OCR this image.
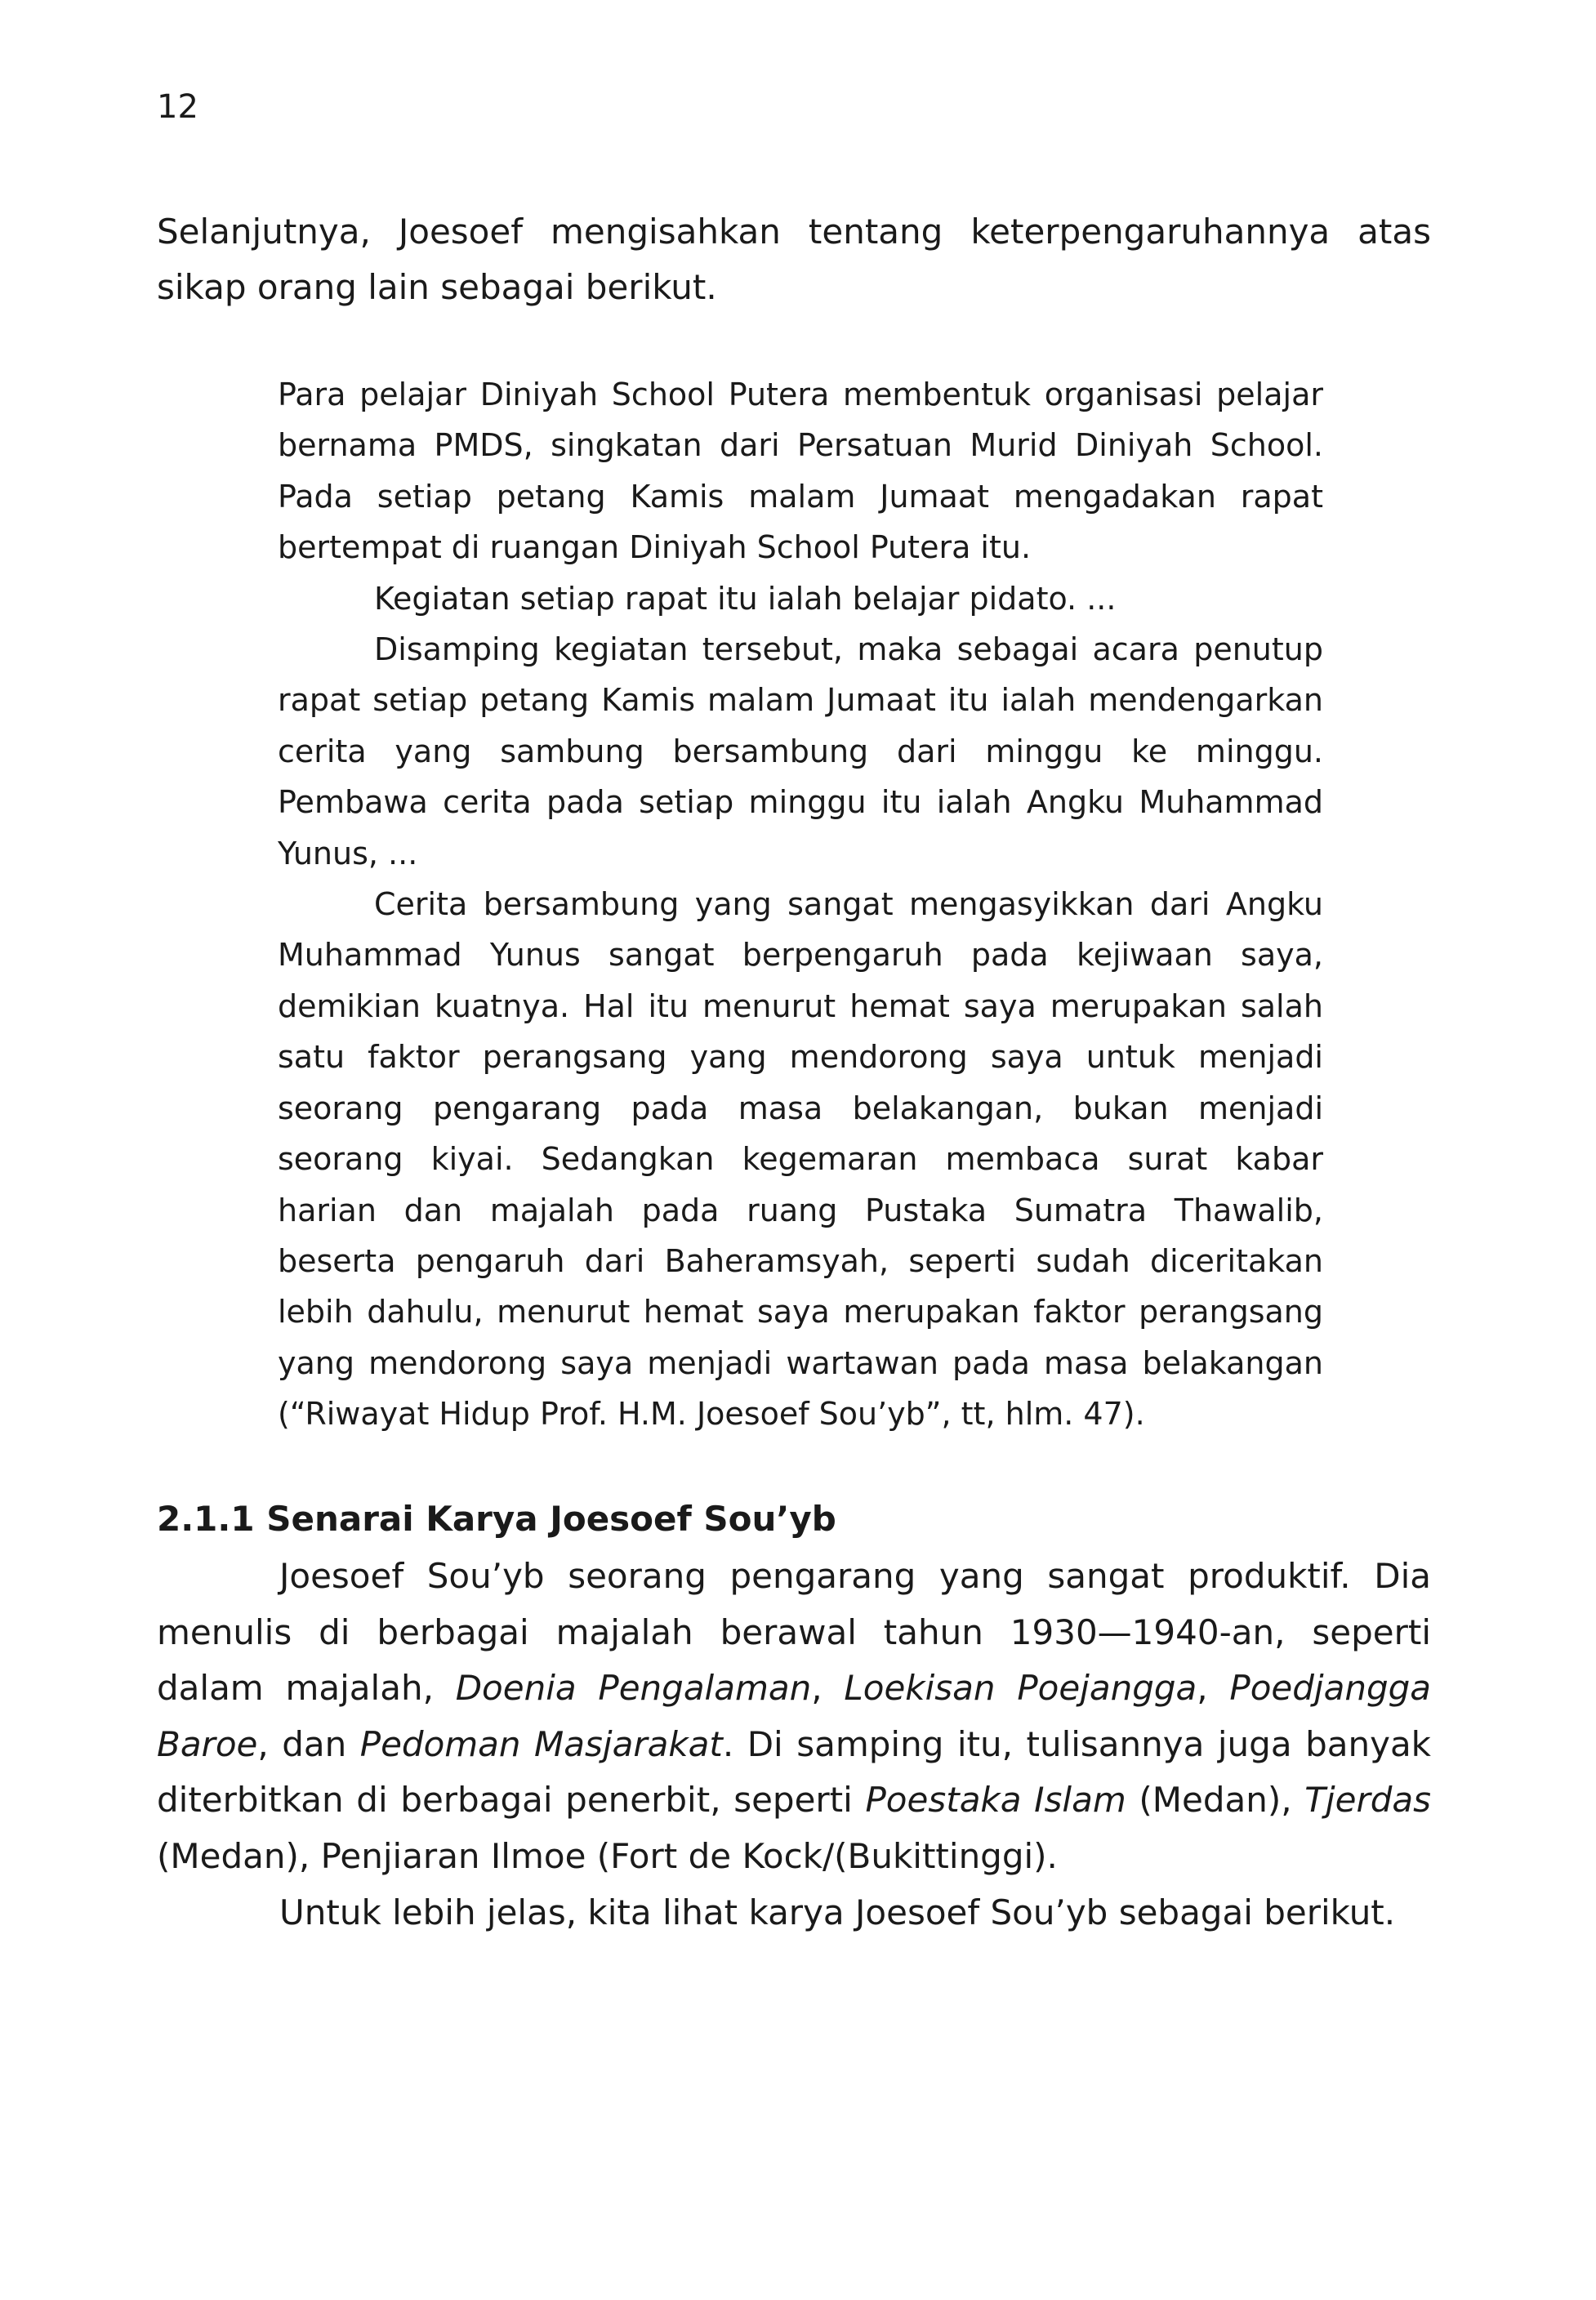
12

Selanjutnya, Joesoef mengisahkan tentang keterpengaruhannya atas sikap orang lain sebagai berikut.

Para pelajar Diniyah School Putera membentuk organisasi pelajar bernama PMDS, singkatan dari Persatuan Murid Diniyah School. Pada setiap petang Kamis malam Jumaat mengadakan rapat bertempat di ruangan Diniyah School Putera itu.

Kegiatan setiap rapat itu ialah belajar pidato. ...

Disamping kegiatan tersebut, maka sebagai acara penutup rapat setiap petang Kamis malam Jumaat itu ialah mendengarkan cerita yang sambung bersambung dari minggu ke minggu. Pembawa cerita pada setiap minggu itu ialah Angku Muhammad Yunus, ...

Cerita bersambung yang sangat mengasyikkan dari Angku Muhammad Yunus sangat berpengaruh pada kejiwaan saya, demikian kuatnya. Hal itu menurut hemat saya merupakan salah satu faktor perangsang yang mendorong saya untuk menjadi seorang pengarang pada masa belakangan, bukan menjadi seorang kiyai. Sedangkan kegemaran membaca surat kabar harian dan majalah pada ruang Pustaka Sumatra Thawalib, beserta pengaruh dari Baheramsyah, seperti sudah diceritakan lebih dahulu, menurut hemat saya merupakan faktor perangsang yang mendorong saya menjadi wartawan pada masa belakangan (“Riwayat Hidup Prof. H.M. Joesoef Sou’yb”, tt, hlm. 47).

2.1.1 Senarai Karya Joesoef Sou’yb

Joesoef Sou’yb seorang pengarang yang sangat produktif. Dia menulis di berbagai majalah berawal tahun 1930—1940-an, seperti dalam majalah, Doenia Pengalaman, Loekisan Poejangga, Poedjangga Baroe, dan Pedoman Masjarakat. Di samping itu, tulisannya juga banyak diterbitkan di berbagai penerbit, seperti Poestaka Islam (Medan), Tjerdas (Medan), Penjiaran Ilmoe (Fort de Kock/(Bukittinggi).

Untuk lebih jelas, kita lihat karya Joesoef Sou’yb sebagai berikut.
